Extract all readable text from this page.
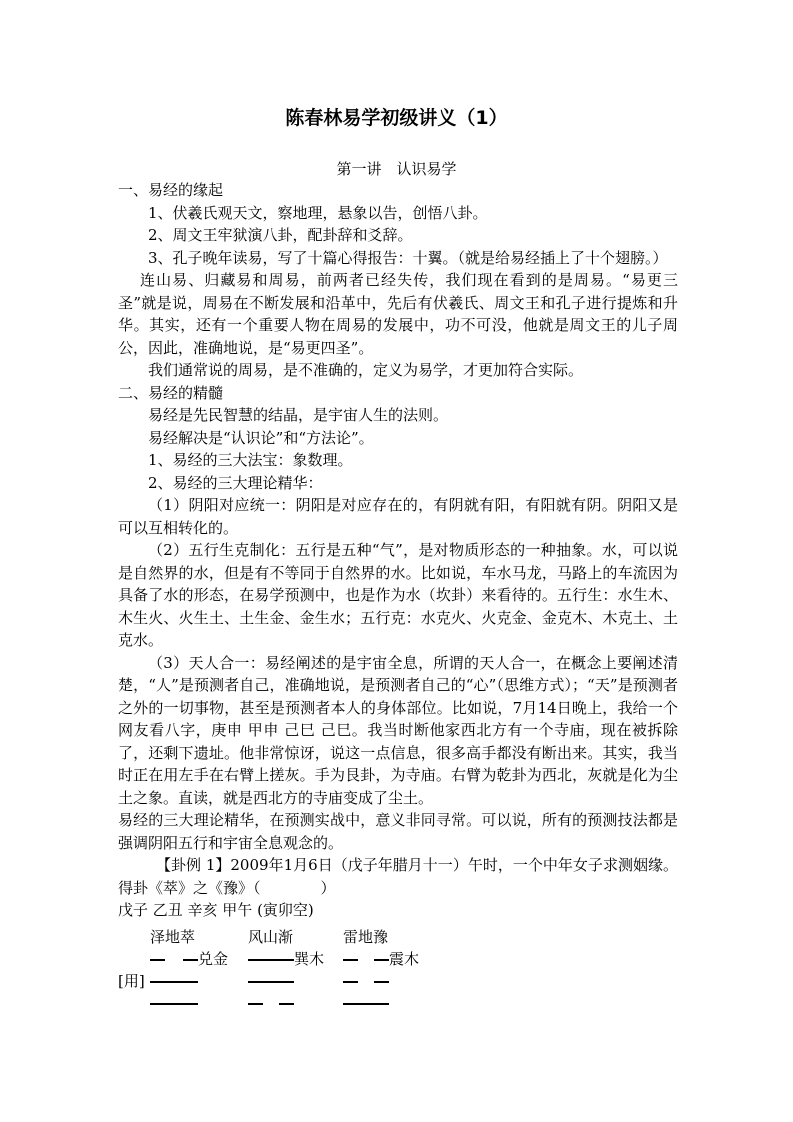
陈春林易学初级讲义（1）
第一讲　认识易学

一、易经的缘起

1、伏羲氏观天文，察地理，悬象以告，创悟八卦。

2、周文王牢狱演八卦，配卦辞和爻辞。

3、孔子晚年读易，写了十篇心得报告：十翼。（就是给易经插上了十个翅膀。）

连山易、归藏易和周易，前两者已经失传，我们现在看到的是周易。“易更三圣”就是说，周易在不断发展和沿革中，先后有伏羲氏、周文王和孔子进行提炼和升华。其实，还有一个重要人物在周易的发展中，功不可没，他就是周文王的儿子周公，因此，准确地说，是“易更四圣”。

我们通常说的周易，是不准确的，定义为易学，才更加符合实际。

二、易经的精髓

易经是先民智慧的结晶，是宇宙人生的法则。

易经解决是“认识论”和“方法论”。

1、易经的三大法宝：象数理。

2、易经的三大理论精华：

（1）阴阳对应统一：阴阳是对应存在的，有阴就有阳，有阳就有阴。阴阳又是可以互相转化的。

（2）五行生克制化：五行是五种“气”，是对物质形态的一种抽象。水，可以说是自然界的水，但是有不等同于自然界的水。比如说，车水马龙，马路上的车流因为具备了水的形态，在易学预测中，也是作为水（坎卦）来看待的。五行生：水生木、木生火、火生土、土生金、金生水；五行克：水克火、火克金、金克木、木克土、土克水。

（3）天人合一：易经阐述的是宇宙全息，所谓的天人合一，在概念上要阐述清楚，“人”是预测者自己，准确地说，是预测者自己的“心”（思维方式）；“天”是预测者之外的一切事物，甚至是预测者本人的身体部位。比如说，7月14日晚上，我给一个网友看八字，庚申 甲申 己巳 己巳。我当时断他家西北方有一个寺庙，现在被拆除了，还剩下遗址。他非常惊讶，说这一点信息，很多高手都没有断出来。其实，我当时正在用左手在右臂上搓灰。手为艮卦，为寺庙。右臂为乾卦为西北，灰就是化为尘土之象。直读，就是西北方的寺庙变成了尘土。

易经的三大理论精华，在预测实战中，意义非同寻常。可以说，所有的预测技法都是强调阴阳五行和宇宙全息观念的。

【卦例 1】2009年1月6日（戊子年腊月十一）午时，一个中年女子求测姻缘。得卦《萃》之《豫》（　　　　）

戊子 乙丑 辛亥 甲午 (寅卯空)

泽地萃	风山渐	雷地豫
兑金	巽木	震木
[用]
